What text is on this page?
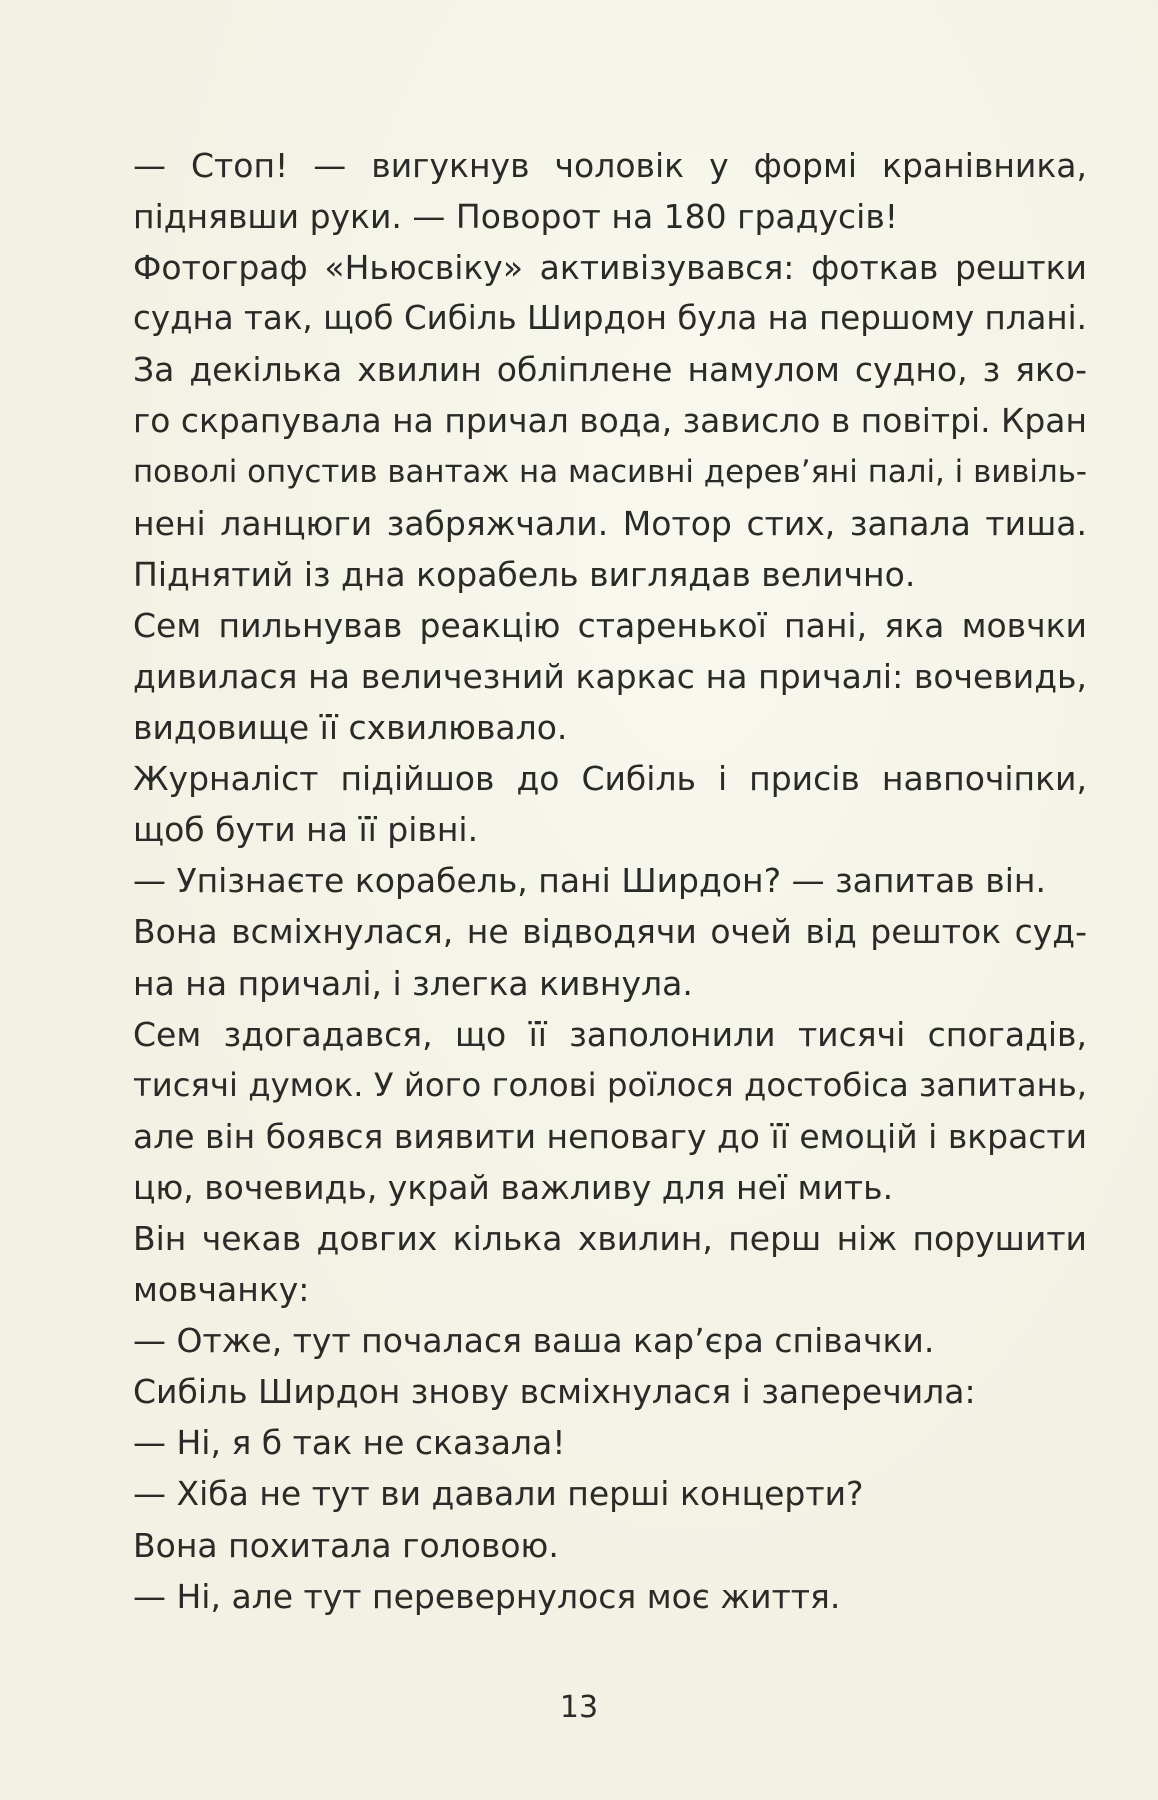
— Стоп! — вигукнув чоловік у формі кранівника,
піднявши руки. — Поворот на 180 градусів!
Фотограф «Ньюсвіку» активізувався: фоткав рештки
судна так, щоб Сибіль Ширдон була на першому плані.
За декілька хвилин обліплене намулом судно, з яко-
го скрапувала на причал вода, зависло в повітрі. Кран
поволі опустив вантаж на масивні дерев’яні палі, і вивіль-
нені ланцюги забряжчали. Мотор стих, запала тиша.
Піднятий із дна корабель виглядав велично.
Сем пильнував реакцію старенької пані, яка мовчки
дивилася на величезний каркас на причалі: вочевидь,
видовище її схвилювало.
Журналіст підійшов до Сибіль і присів навпочіпки,
щоб бути на її рівні.
— Упізнаєте корабель, пані Ширдон? — запитав він.
Вона всміхнулася, не відводячи очей від решток суд-
на на причалі, і злегка кивнула.
Сем здогадався, що її заполонили тисячі спогадів,
тисячі думок. У його голові роїлося достобіса запитань,
але він боявся виявити неповагу до її емоцій і вкрасти
цю, вочевидь, украй важливу для неї мить.
Він чекав довгих кілька хвилин, перш ніж порушити
мовчанку:
— Отже, тут почалася ваша кар’єра співачки.
Сибіль Ширдон знову всміхнулася і заперечила:
— Ні, я б так не сказала!
— Хіба не тут ви давали перші концерти?
Вона похитала головою.
— Ні, але тут перевернулося моє життя.
13
